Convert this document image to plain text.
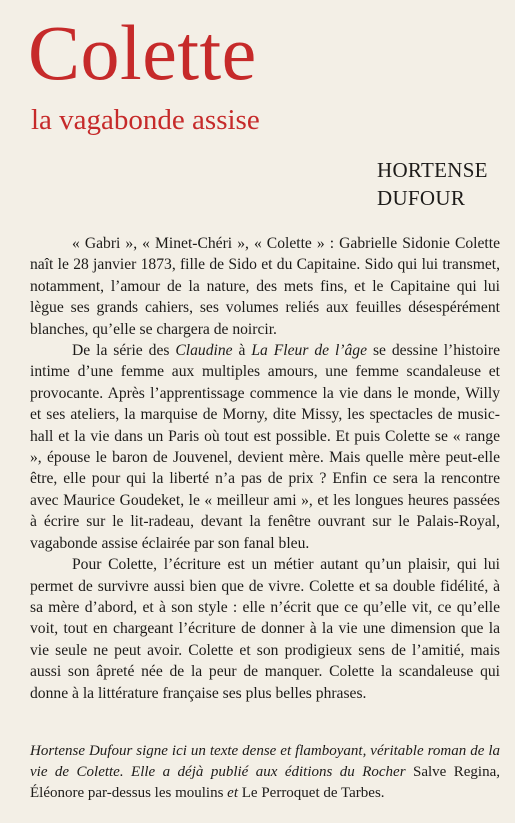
Colette
la vagabonde assise
HORTENSE
DUFOUR

« Gabri », « Minet-Chéri », « Colette » : Gabrielle Sidonie Colette naît le 28 janvier 1873, fille de Sido et du Capitaine. Sido qui lui transmet, notamment, l’amour de la nature, des mets fins, et le Capitaine qui lui lègue ses grands cahiers, ses volumes reliés aux feuilles désespérément blanches, qu’elle se chargera de noircir.

De la série des Claudine à La Fleur de l’âge se dessine l’histoire intime d’une femme aux multiples amours, une femme scandaleuse et provocante. Après l’apprentissage commence la vie dans le monde, Willy et ses ateliers, la marquise de Morny, dite Missy, les spectacles de music-hall et la vie dans un Paris où tout est possible. Et puis Colette se « range », épouse le baron de Jouvenel, devient mère. Mais quelle mère peut-elle être, elle pour qui la liberté n’a pas de prix ? Enfin ce sera la rencontre avec Maurice Goudeket, le « meilleur ami », et les longues heures passées à écrire sur le lit-radeau, devant la fenêtre ouvrant sur le Palais-Royal, vagabonde assise éclairée par son fanal bleu.

Pour Colette, l’écriture est un métier autant qu’un plaisir, qui lui permet de survivre aussi bien que de vivre. Colette et sa double fidélité, à sa mère d’abord, et à son style : elle n’écrit que ce qu’elle vit, ce qu’elle voit, tout en chargeant l’écriture de donner à la vie une dimension que la vie seule ne peut avoir. Colette et son prodigieux sens de l’amitié, mais aussi son âpreté née de la peur de manquer. Colette la scandaleuse qui donne à la littérature française ses plus belles phrases.

Hortense Dufour signe ici un texte dense et flamboyant, véritable roman de la vie de Colette. Elle a déjà publié aux éditions du Rocher Salve Regina, Éléonore par-dessus les moulins et Le Perroquet de Tarbes.
